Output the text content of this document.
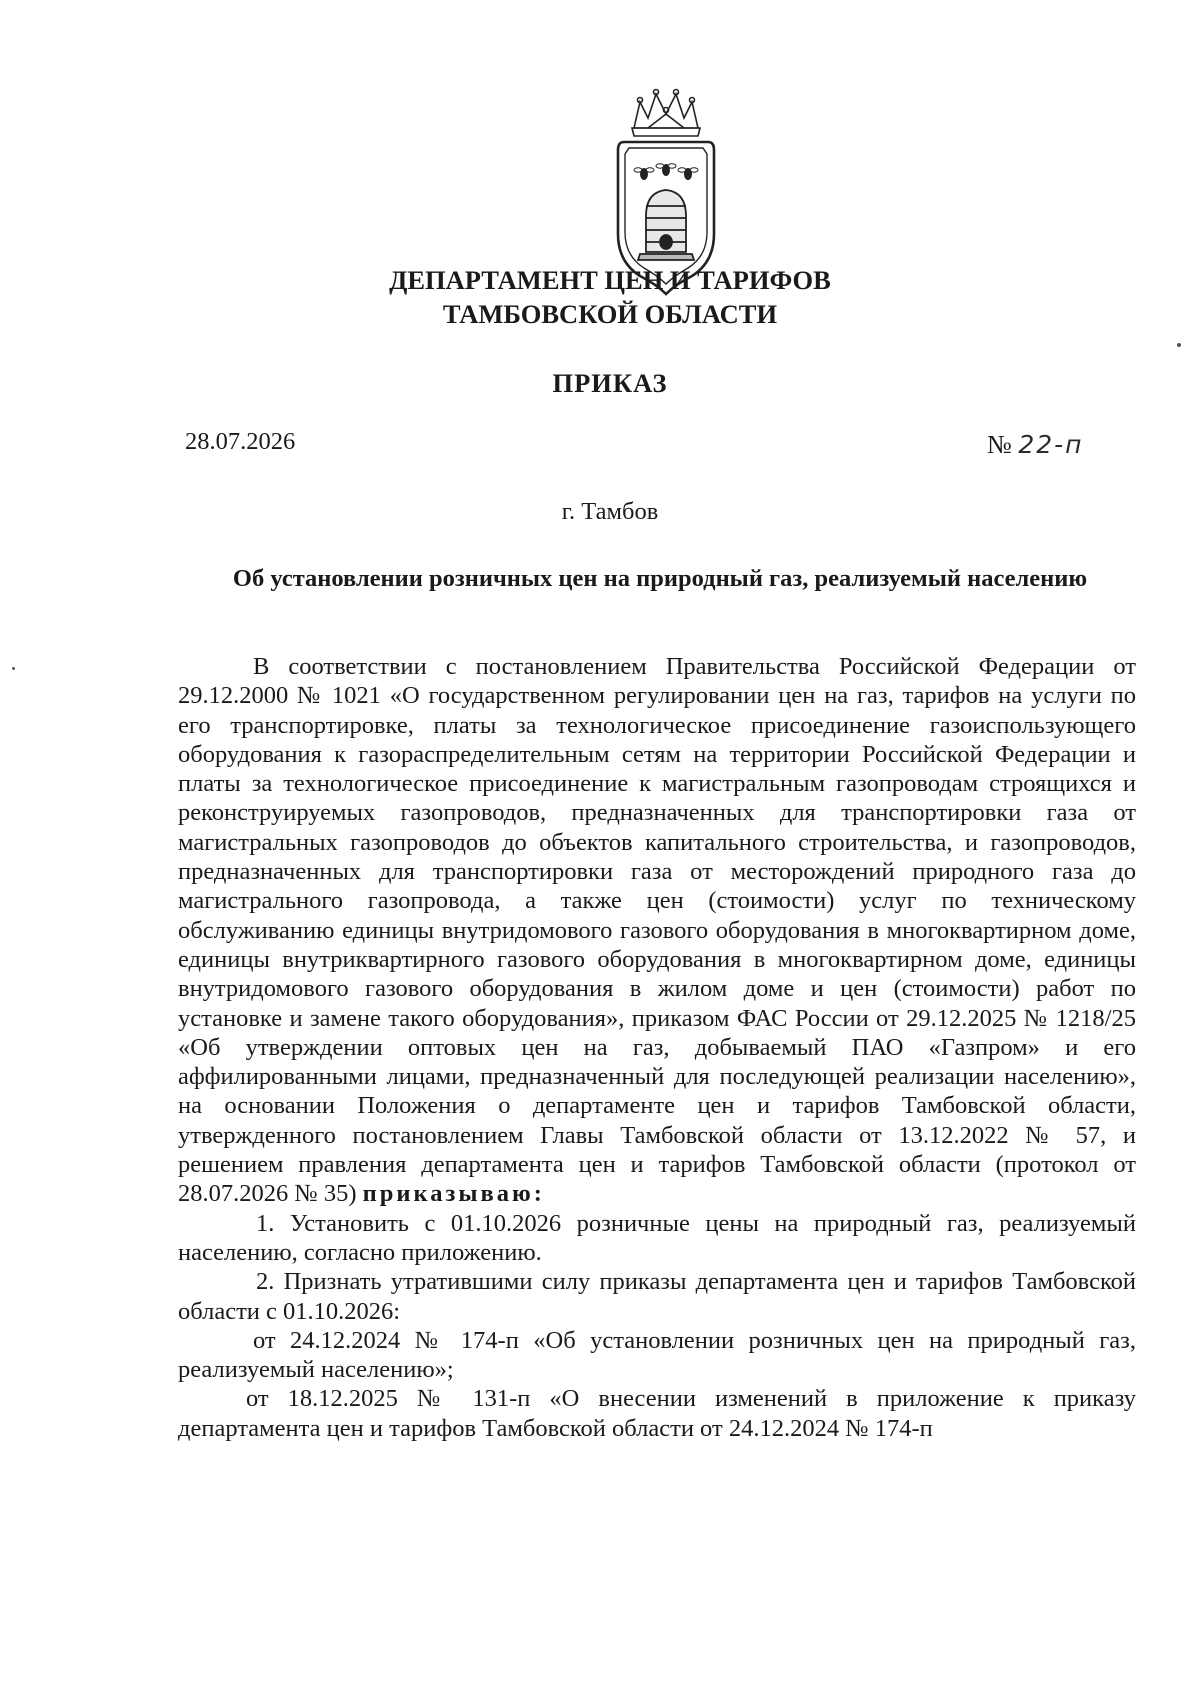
ДЕПАРТАМЕНТ ЦЕН И ТАРИФОВ
ТАМБОВСКОЙ ОБЛАСТИ
ПРИКАЗ
28.07.2026	№ 22-п
г. Тамбов
Об установлении розничных цен на природный газ, реализуемый населению

В соответствии с постановлением Правительства Российской Федерации от 29.12.2000 № 1021 «О государственном регулировании цен на газ, тарифов на услуги по его транспортировке, платы за технологическое присоединение газоиспользующего оборудования к газораспределительным сетям на территории Российской Федерации и платы за технологическое присоединение к магистральным газопроводам строящихся и реконструируемых газопроводов, предназначенных для транспортировки газа от магистральных газопроводов до объектов капитального строительства, и газопроводов, предназначенных для транспортировки газа от месторождений природного газа до магистрального газопровода, а также цен (стоимости) услуг по техническому обслуживанию единицы внутридомового газового оборудования в многоквартирном доме, единицы внутриквартирного газового оборудования в многоквартирном доме, единицы внутридомового газового оборудования в жилом доме и цен (стоимости) работ по установке и замене такого оборудования», приказом ФАС России от 29.12.2025 № 1218/25 «Об утверждении оптовых цен на газ, добываемый ПАО «Газпром» и его аффилированными лицами, предназначенный для последующей реализации населению», на основании Положения о департаменте цен и тарифов Тамбовской области, утвержденного постановлением Главы Тамбовской области от 13.12.2022 № 57, и решением правления департамента цен и тарифов Тамбовской области (протокол от 28.07.2026 № 35) приказываю:

1. Установить с 01.10.2026 розничные цены на природный газ, реализуемый населению, согласно приложению.

2. Признать утратившими силу приказы департамента цен и тарифов Тамбовской области с 01.10.2026:

от 24.12.2024 № 174-п «Об установлении розничных цен на природный газ, реализуемый населению»;

от 18.12.2025 № 131-п «О внесении изменений в приложение к приказу департамента цен и тарифов Тамбовской области от 24.12.2024 № 174-п
